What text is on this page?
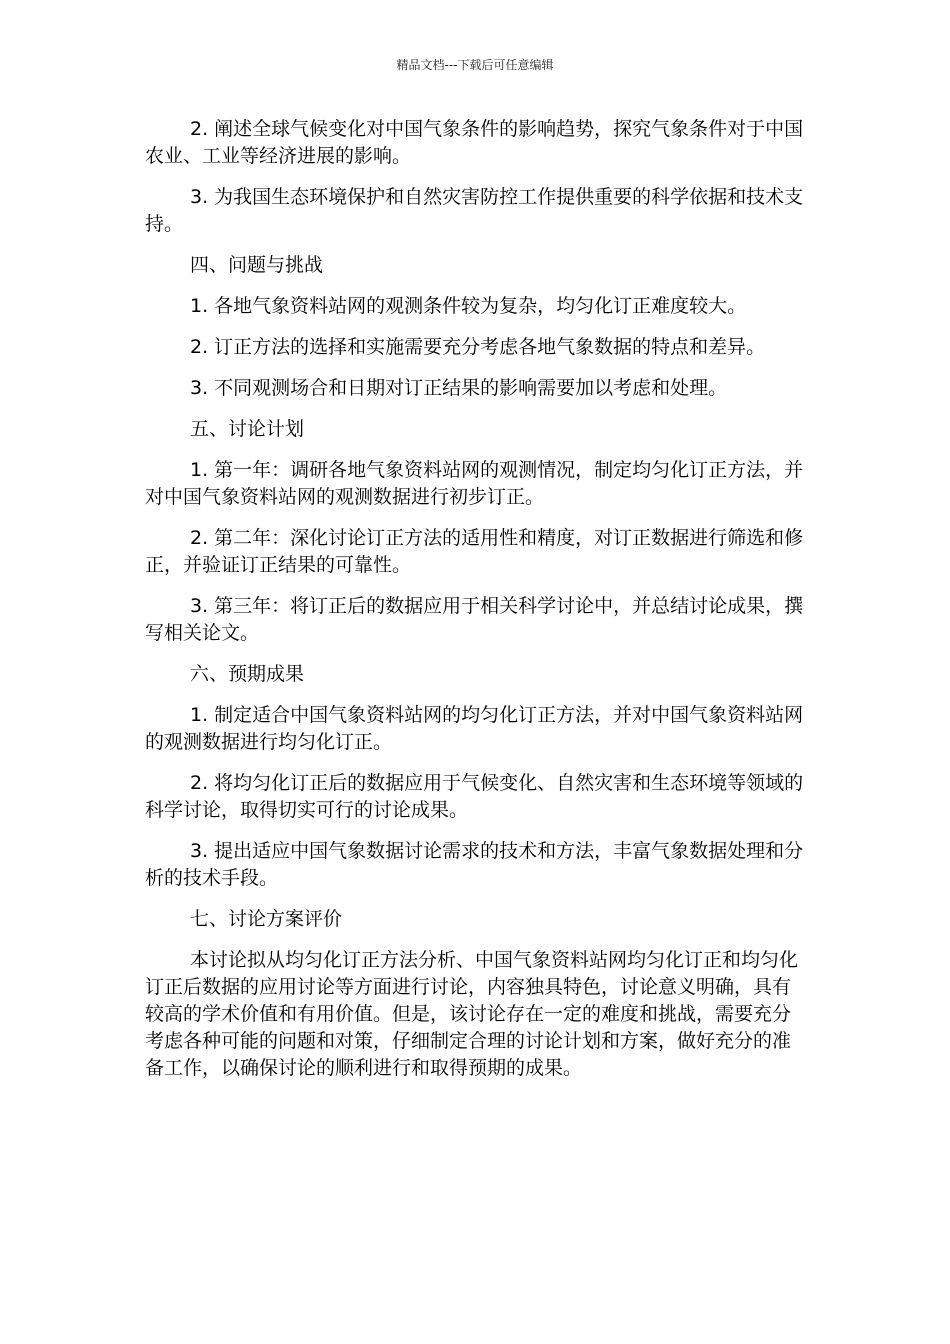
精品文档---下载后可任意编辑

2. 阐述全球气候变化对中国气象条件的影响趋势，探究气象条件对于中国农业、工业等经济进展的影响。

3. 为我国生态环境保护和自然灾害防控工作提供重要的科学依据和技术支持。

四、问题与挑战

1. 各地气象资料站网的观测条件较为复杂，均匀化订正难度较大。

2. 订正方法的选择和实施需要充分考虑各地气象数据的特点和差异。

3. 不同观测场合和日期对订正结果的影响需要加以考虑和处理。

五、讨论计划

1. 第一年：调研各地气象资料站网的观测情况，制定均匀化订正方法，并对中国气象资料站网的观测数据进行初步订正。

2. 第二年：深化讨论订正方法的适用性和精度，对订正数据进行筛选和修正，并验证订正结果的可靠性。

3. 第三年：将订正后的数据应用于相关科学讨论中，并总结讨论成果，撰写相关论文。

六、预期成果

1. 制定适合中国气象资料站网的均匀化订正方法，并对中国气象资料站网的观测数据进行均匀化订正。

2. 将均匀化订正后的数据应用于气候变化、自然灾害和生态环境等领域的科学讨论，取得切实可行的讨论成果。

3. 提出适应中国气象数据讨论需求的技术和方法，丰富气象数据处理和分析的技术手段。

七、讨论方案评价

本讨论拟从均匀化订正方法分析、中国气象资料站网均匀化订正和均匀化订正后数据的应用讨论等方面进行讨论，内容独具特色，讨论意义明确，具有较高的学术价值和有用价值。但是，该讨论存在一定的难度和挑战，需要充分考虑各种可能的问题和对策，仔细制定合理的讨论计划和方案，做好充分的准备工作，以确保讨论的顺利进行和取得预期的成果。
